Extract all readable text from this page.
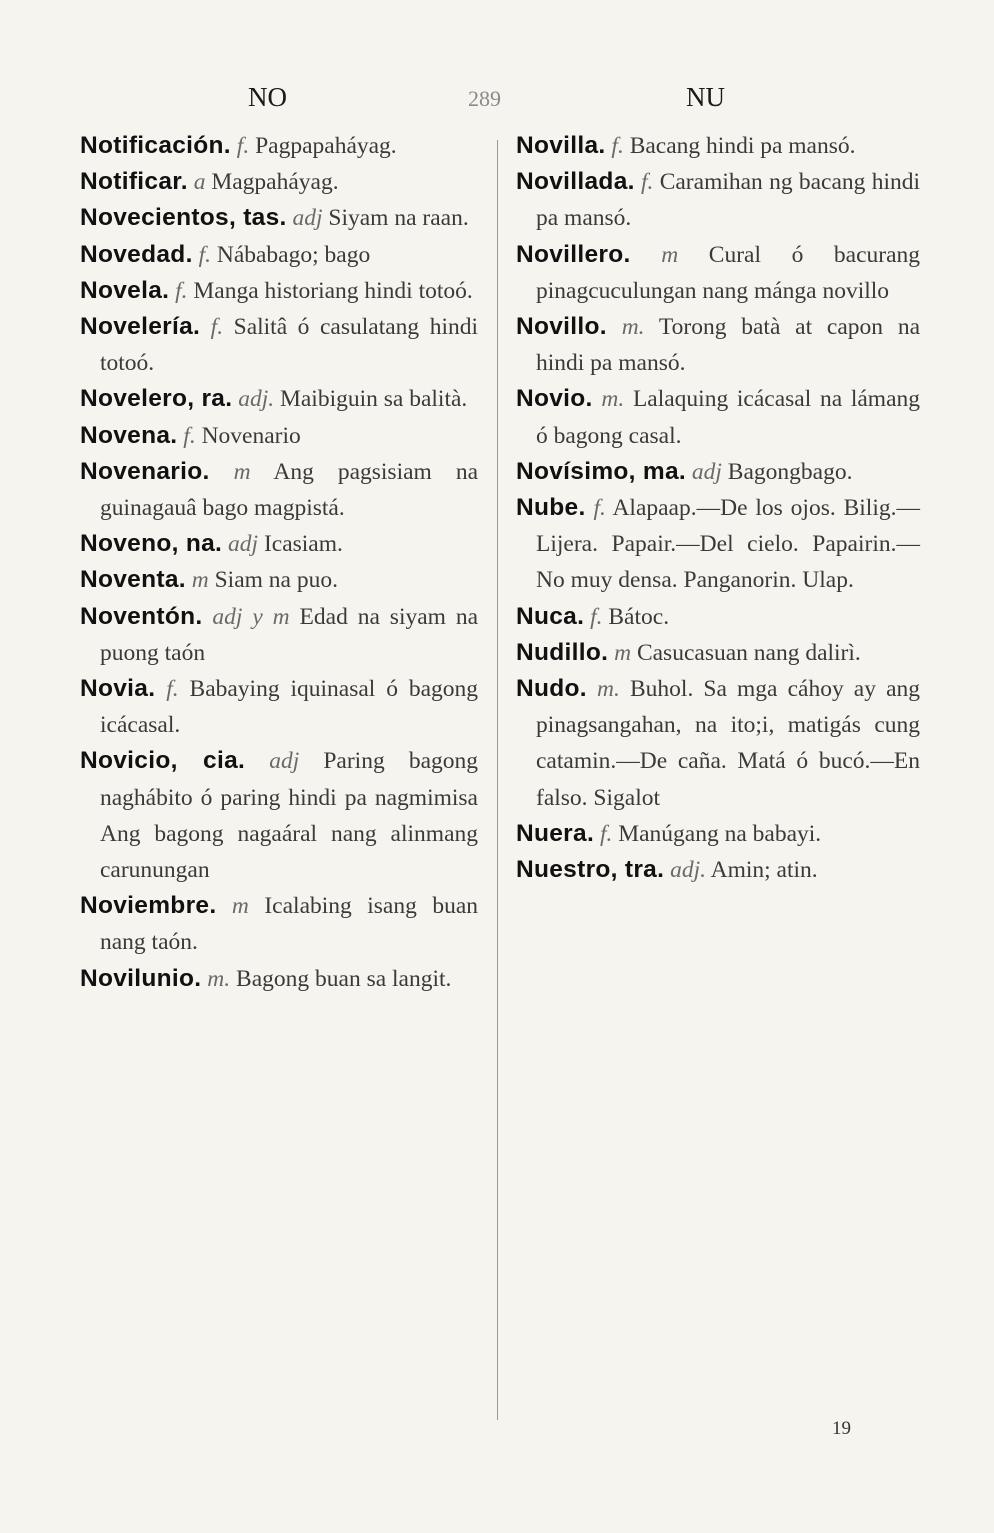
NO	289	NU

Notificación. f. Pagpapaháyag.

Notificar. a Magpaháyag.

Novecientos, tas. adj Siyam na raan.

Novedad. f. Nábabago; bago

Novela. f. Manga historiang hindi totoó.

Novelería. f. Salitâ ó casulatang hindi totoó.

Novelero, ra. adj. Maibiguin sa balità.

Novena. f. Novenario

Novenario. m Ang pagsisiam na guinagauâ bago magpistá.

Noveno, na. adj Icasiam.

Noventa. m Siam na puo.

Noventón. adj y m Edad na siyam na puong taón

Novia. f. Babaying iquinasal ó bagong icácasal.

Novicio, cia. adj Paring bagong naghábito ó paring hindi pa nagmimisa Ang bagong nagaáral nang alinmang carunungan

Noviembre. m Icalabing isang buan nang taón.

Novilunio. m. Bagong buan sa langit.

Novilla. f. Bacang hindi pa mansó.

Novillada. f. Caramihan ng bacang hindi pa mansó.

Novillero. m Cural ó bacurang pinagcuculungan nang mánga novillo

Novillo. m. Torong batà at capon na hindi pa mansó.

Novio. m. Lalaquing icácasal na lámang ó bagong casal.

Novísimo, ma. adj Bagongbago.

Nube. f. Alapaap.—De los ojos. Bilig.—Lijera. Papair.—Del cielo. Papairin.—No muy densa. Panganorin. Ulap.

Nuca. f. Bátoc.

Nudillo. m Casucasuan nang dalirì.

Nudo. m. Buhol. Sa mga cáhoy ay ang pinagsangahan, na ito;i, matigás cung catamin.—De caña. Matá ó bucó.—En falso. Sigalot

Nuera. f. Manúgang na babayi.

Nuestro, tra. adj. Amin; atin.

19
